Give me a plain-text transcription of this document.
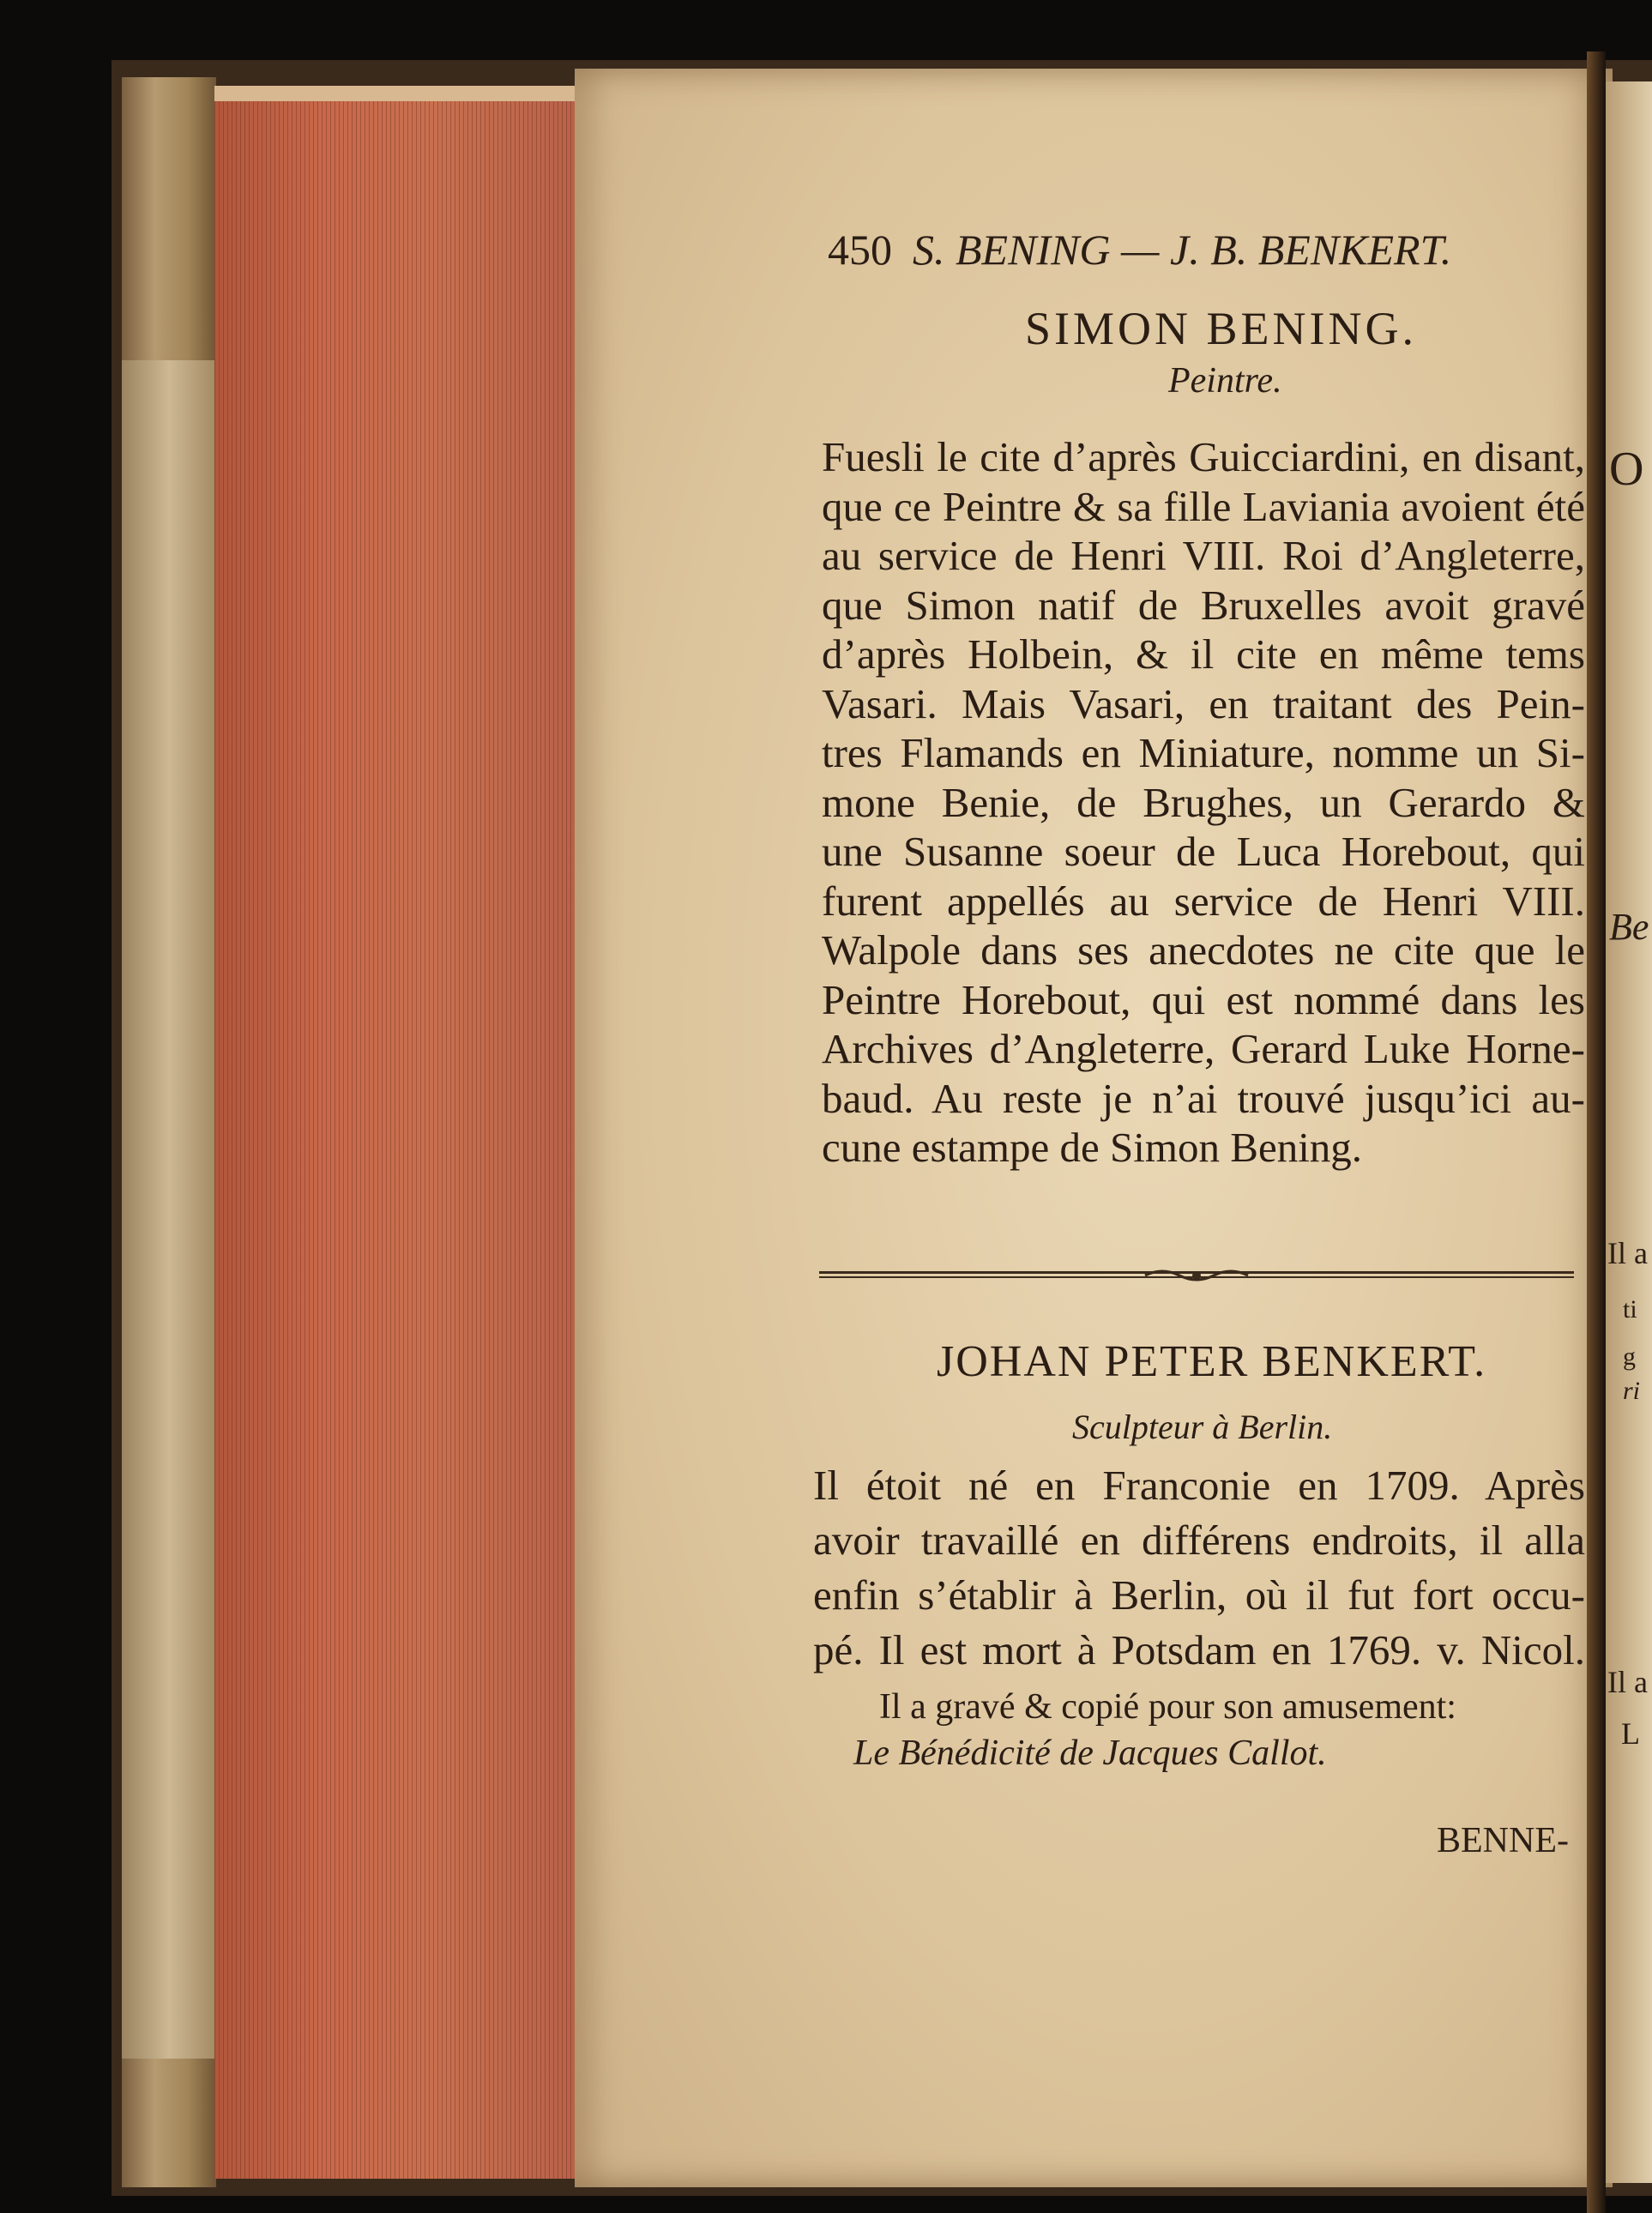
O
Be
Il a
ti
g
ri
Il a
L
450 S. BENING — J. B. BENKERT.
SIMON BENING.
Peintre.
Fuesli le cite d’après Guicciardini, en disant,
que ce Peintre & sa fille Laviania avoient été
au service de Henri VIII. Roi d’Angleterre,
que Simon natif de Bruxelles avoit gravé
d’après Holbein, & il cite en même tems
Vasari. Mais Vasari, en traitant des Pein-
tres Flamands en Miniature, nomme un Si-
mone Benie, de Brughes, un Gerardo &
une Susanne soeur de Luca Horebout, qui
furent appellés au service de Henri VIII.
Walpole dans ses anecdotes ne cite que le
Peintre Horebout, qui est nommé dans les
Archives d’Angleterre, Gerard Luke Horne-
baud. Au reste je n’ai trouvé jusqu’ici au-
cune estampe de Simon Bening.
JOHAN PETER BENKERT.
Sculpteur à Berlin.
Il étoit né en Franconie en 1709. Après
avoir travaillé en différens endroits, il alla
enfin s’établir à Berlin, où il fut fort occu-
pé. Il est mort à Potsdam en 1769. v. Nicol.
Il a gravé & copié pour son amusement:
Le Bénédicité de Jacques Callot.
BENNE-
